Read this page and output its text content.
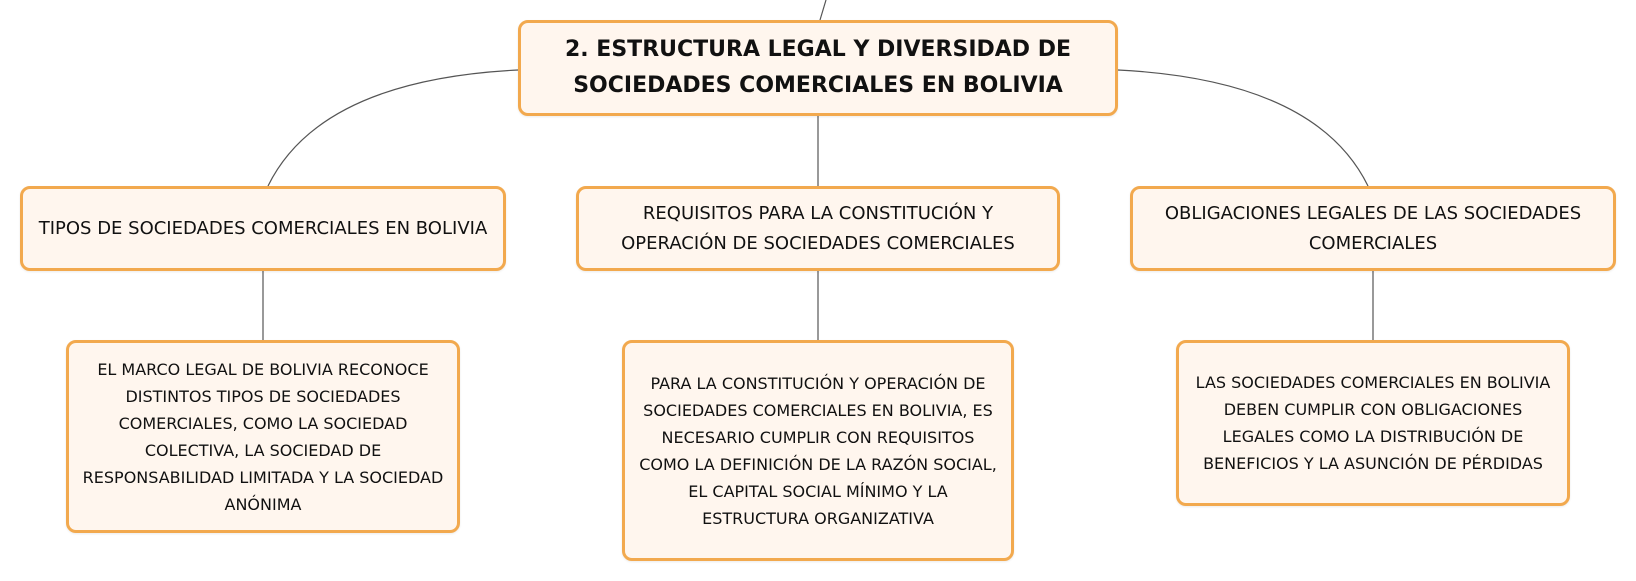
2. ESTRUCTURA LEGAL Y DIVERSIDAD DE SOCIEDADES COMERCIALES EN BOLIVIA
TIPOS DE SOCIEDADES COMERCIALES EN BOLIVIA
REQUISITOS PARA LA CONSTITUCIÓN Y OPERACIÓN DE SOCIEDADES COMERCIALES
OBLIGACIONES LEGALES DE LAS SOCIEDADES COMERCIALES
EL MARCO LEGAL DE BOLIVIA RECONOCE DISTINTOS TIPOS DE SOCIEDADES COMERCIALES, COMO LA SOCIEDAD COLECTIVA, LA SOCIEDAD DE RESPONSABILIDAD LIMITADA Y LA SOCIEDAD ANÓNIMA
PARA LA CONSTITUCIÓN Y OPERACIÓN DE SOCIEDADES COMERCIALES EN BOLIVIA, ES NECESARIO CUMPLIR CON REQUISITOS COMO LA DEFINICIÓN DE LA RAZÓN SOCIAL, EL CAPITAL SOCIAL MÍNIMO Y LA ESTRUCTURA ORGANIZATIVA
LAS SOCIEDADES COMERCIALES EN BOLIVIA DEBEN CUMPLIR CON OBLIGACIONES LEGALES COMO LA DISTRIBUCIÓN DE BENEFICIOS Y LA ASUNCIÓN DE PÉRDIDAS
